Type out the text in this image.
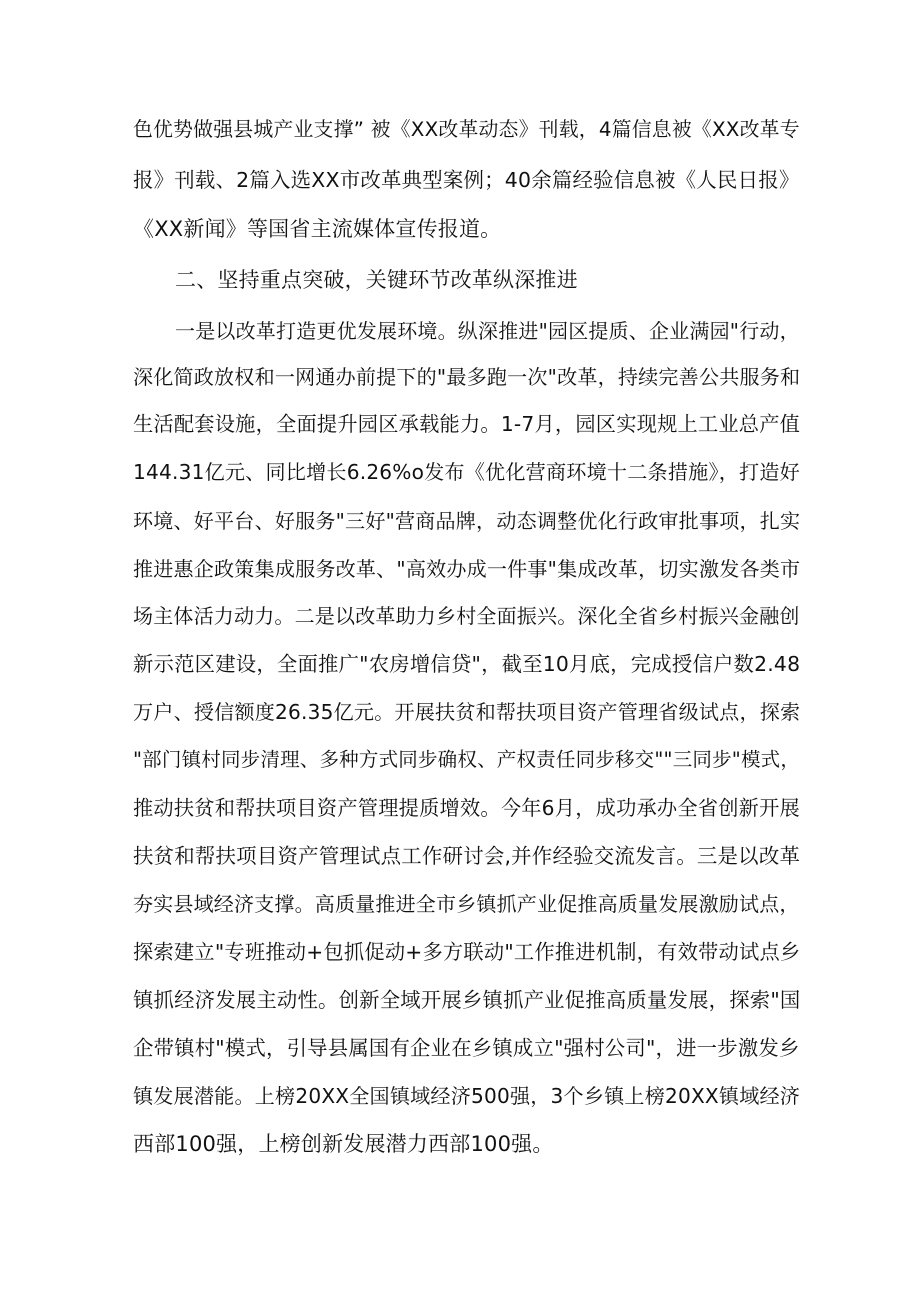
色优势做强县城产业支撑” 被《XX改革动态》刊载，4篇信息被《XX改革专
报》刊载、2篇入选XX市改革典型案例；40余篇经验信息被《人民日报》
《XX新闻》等国省主流媒体宣传报道。
二、坚持重点突破，关键环节改革纵深推进
一是以改革打造更优发展环境。纵深推进"园区提质、企业满园"行动，
深化简政放权和一网通办前提下的"最多跑一次"改革，持续完善公共服务和
生活配套设施，全面提升园区承载能力。1-7月，园区实现规上工业总产值
144.31亿元、同比增长6.26%o发布《优化营商环境十二条措施》，打造好
环境、好平台、好服务"三好"营商品牌，动态调整优化行政审批事项，扎实
推进惠企政策集成服务改革、"高效办成一件事"集成改革，切实激发各类市
场主体活力动力。二是以改革助力乡村全面振兴。深化全省乡村振兴金融创
新示范区建设，全面推广"农房增信贷"，截至10月底，完成授信户数2.48
万户、授信额度26.35亿元。开展扶贫和帮扶项目资产管理省级试点，探索
"部门镇村同步清理、多种方式同步确权、产权责任同步移交""三同步"模式，
推动扶贫和帮扶项目资产管理提质增效。今年6月，成功承办全省创新开展
扶贫和帮扶项目资产管理试点工作研讨会,并作经验交流发言。三是以改革
夯实县域经济支撑。高质量推进全市乡镇抓产业促推高质量发展激励试点，
探索建立"专班推动+包抓促动+多方联动"工作推进机制，有效带动试点乡
镇抓经济发展主动性。创新全域开展乡镇抓产业促推高质量发展，探索"国
企带镇村"模式，引导县属国有企业在乡镇成立"强村公司"，进一步激发乡
镇发展潜能。上榜20XX全国镇域经济500强，3个乡镇上榜20XX镇域经济
西部100强，上榜创新发展潜力西部100强。
